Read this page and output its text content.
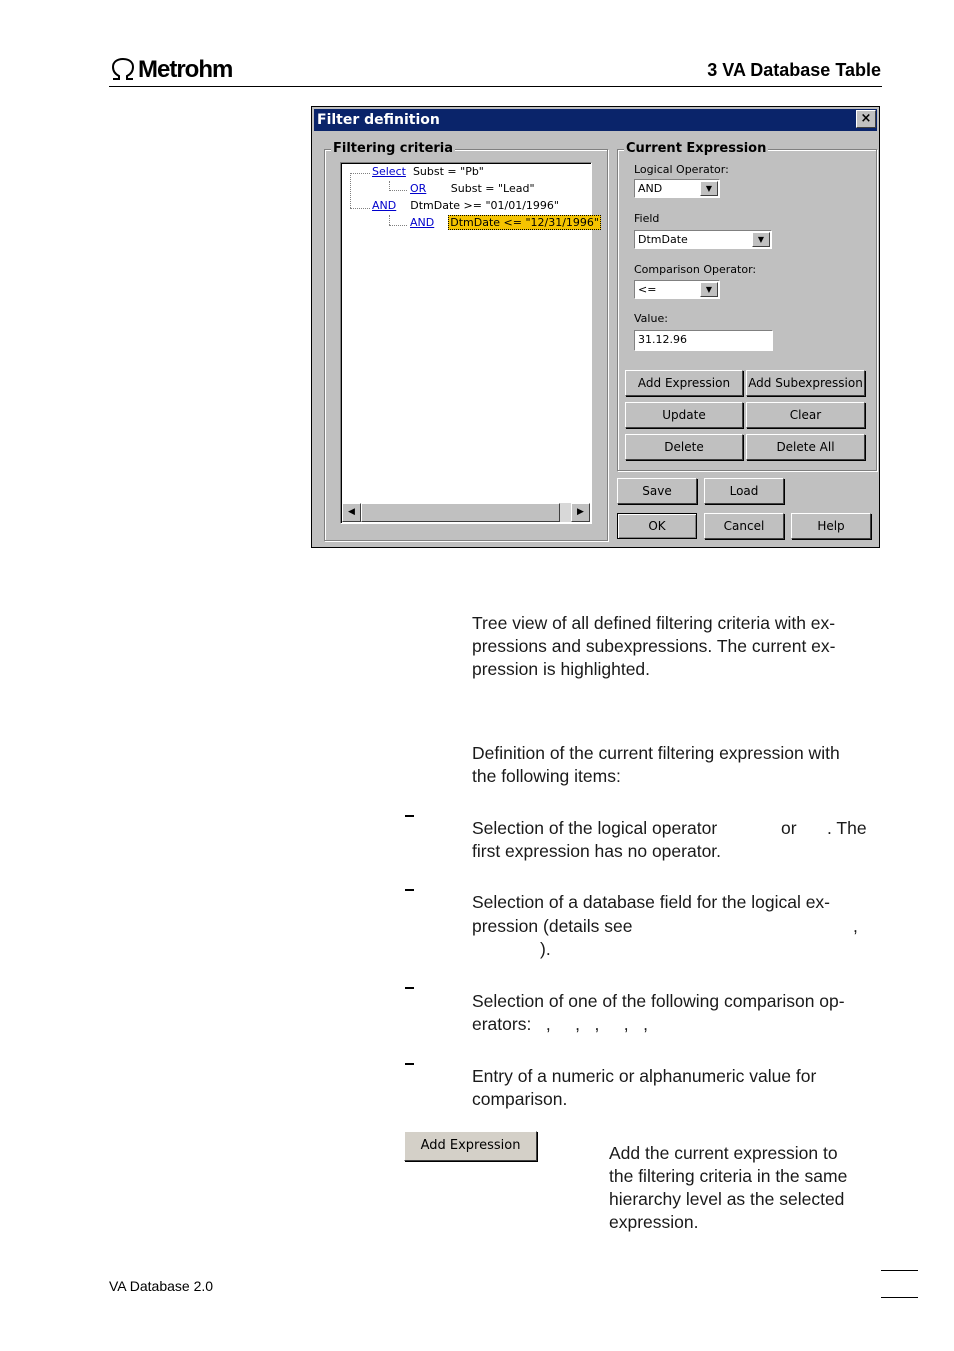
Metrohm	3 VA Database Table
Filter definition	×
Filtering criteria
Select Subst = "Pb"
OR Subst = "Lead"
AND DtmDate >= "01/01/1996"
AND DtmDate <= "12/31/1996"
◀	▶
Current Expression
Logical Operator:
AND	▼
Field
DtmDate	▼
Comparison Operator:
<=	▼
Value:
31.12.96
Add Expression	Add Subexpression
Update	Clear
Delete	Delete All
Save	Load
OK	Cancel	Help
Tree view of all defined filtering criteria with ex-
pressions and subexpressions. The current ex-
pression is highlighted.
Definition of the current filtering expression with
the following items:
Selection of the logical operator	or . The
first expression has no operator.
Selection of a database field for the logical ex-
pression (details see	,
).
Selection of one of the following comparison op-
erators:   ,     ,   ,     ,   ,
Entry of a numeric or alphanumeric value for
comparison.
Add Expression	Add the current expression to
the filtering criteria in the same
hierarchy level as the selected
expression.
VA Database 2.0
